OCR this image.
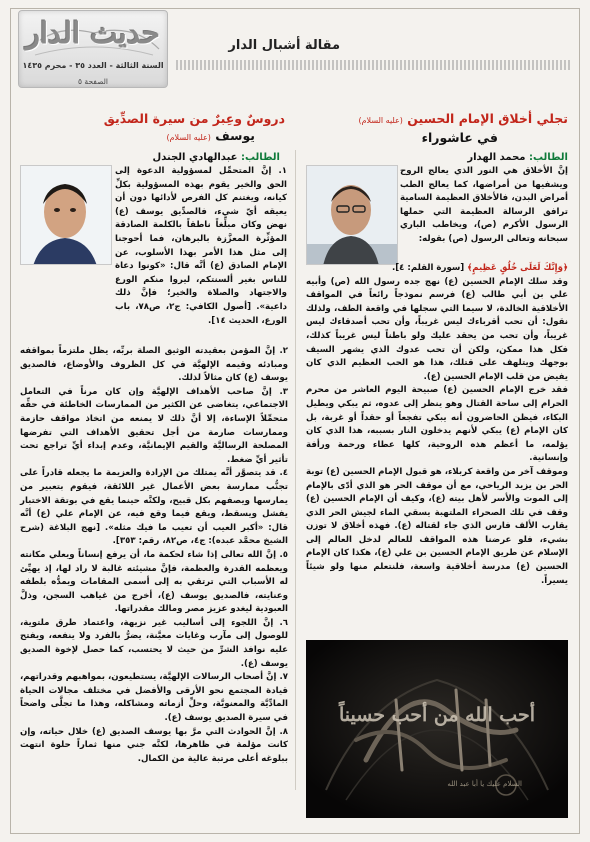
حديث الدار
السنة الثالثة - العدد ٣٥ - محرم ١٤٣٥
الصفحة ٥
مقالة أشبال الدار
تجلي أخلاق الإمام الحسين (عليه السلام)
في عاشوراء
دروسٌ وعِبرٌ من سيرة الصدِّيق
يوسف (عليه السلام)
الطالب: محمد الهدار
الطالب: عبدالهادي الجندل

إنَّ الأخلاق هي النور الذي يعالج الروح ويشفيها من أمراضها، كما يعالج الطب أمراض البدن، فالأخلاق العظيمة السامية ترافق الرسالة العظيمة التي حملها الرسول الأكرم (ص)، ويخاطب الباري سبحانه وتعالى الرسول (ص) بقوله:

﴿وَإِنَّكَ لَعَلَى خُلُقٍ عَظِيمٍ﴾ [سورة القلم: ٤].

وقد سلك الإمام الحسين (ع) نهج جده رسول الله (ص) وأبيه علي بن أبي طالب (ع) فرسم نموذجاً رائعاً في المواقف الأخلاقية الخالدة، لا سيما التي سجلها في واقعة الطف، ولذلك نقول: أن تحب أقرباءك ليس غريباً، وأن تحب أصدقاءك ليس غريباً، وأن تحب من يحقد عليك ولو باطناً ليس غريباً كذلك، فكل هذا ممكن، ولكن أن تحب عدوك الذي يشهر السيف بوجهك ويتلهف على قتلك، هذا هو الحب العظيم الذي كان يفيض من قلب الإمام الحسين (ع).

فقد خرج الإمام الحسين (ع) صبيحة اليوم العاشر من محرم الحرام إلى ساحة القتال وهو ينظر إلى عدوه، ثم يبكي ويطيل البكاء، فيظن الحاضرون أنه يبكي تفجعاً أو حقداً أو غربة، بل كان الإمام (ع) يبكي لأنهم يدخلون النار بسببه، هذا الذي كان يؤلمه، ما أعظم هذه الروحية، كلها عطاء ورحمة ورأفة وإنسانية.

وموقف آخر من واقعة كربلاء، هو قبول الإمام الحسين (ع) توبة الحر بن يزيد الرياحي، مع أن موقف الحر هو الذي أدّى بالإمام إلى الموت والأسر لأهل بيته (ع)، وكيف أن الإمام الحسين (ع) وقف في تلك الصحراء الملتهبة يسقي الماء لجيش الحر الذي يقارب الألف فارس الذي جاء لقتاله (ع). فهذه أخلاق لا توزن بشيء، فلو عرضنا هذه المواقف للعالم لدخل العالم إلى الإسلام عن طريق الإمام الحسين بن علي (ع)، هكذا كان الإمام الحسين (ع) مدرسة أخلاقية واسعة، فلنتعلم منها ولو شيئاً يسيراً.

١. إنَّ المتحمِّل لمسؤولية الدعوة إلى الحق والخير يقوم بهذه المسؤولية بكلِّ كيانه، ويغتنم كل الفرص لأدائها دون أن يعيقه أيّ شيء، فالصدِّيق يوسف (ع) نهض وكان مبلِّغاً ناطقاً بالكلمة الصادقة المؤثِّرة المعزَّزة بالبرهان، فما أحوجنا إلى مثل هذا الأمر بهذا الأسلوب، عن الإمام الصادق (ع) أنَّه قال: «كونوا دعاة للناس بغير ألسنتكم، ليروا منكم الورع والاجتهاد والصلاة والخير؛ فإنَّ ذلك داعية». [أصول الكافي: ج٢، ص٧٨، باب الورع، الحديث ١٤].

٢. إنَّ المؤمن بعقيدته الوثيق الصلة بربِّه، يظل ملتزماً بمواقفه ومبادئه وقيمه الإلهيَّة في كل الظروف والأوضاع، فالصديق يوسف (ع) كان مثالاً لذلك.

٣. إنَّ صاحب الأهداف الإلهيَّة وإن كان مرناً في التعامل الاجتماعي، يتغاضى عن الكثير من الممارسات الخاطئة في حقِّه متحمِّلاً الإساءة، إلا أنَّ ذلك لا يمنعه من اتخاذ مواقف حازمة وممارسات صارمة من أجل تحقيق الأهداف التي تفرضها المصلحة الرساليَّة والقيم الإيمانيَّة، وعدم إبداء أيِّ تراجع تحت تأثير أيِّ ضغط.

٤. قد يتصوَّر أنَّه يمتلك من الإرادة والعزيمة ما يجعله قادراً على تجنُّب ممارسة بعض الأعمال غير اللائقة، فيقوم بتعبير من يمارسها ويصفهم بكل قبيح، ولكنَّه حينما يقع في بوتقة الاختبار يفشل ويسقط، ويقع فيما وقع فيه، عن الإمام علي (ع) أنَّه قال: «أكبر العيب أن تعيب ما فيك مثله». [نهج البلاغة (شرح الشيخ محمَّد عبده): ج٤، ص٨٢، رقم: ٣٥٣].

٥. إنَّ الله تعالى إذا شاء لحكمة ما، أن يرفع إنساناً ويعلي مكانته ويعظمه القدرة والعظمة، فإنَّ مشيئته غالبة لا راد لها، إذ يهيِّئ له الأسباب التي ترتقي به إلى أسمى المقامات ويمدُّه بلطفه وعنايته، فالصديق يوسف (ع)، أخرج من غياهب السجن، وذلَّ العبودية ليغدو عزيز مصر ومالك مقدراتها.

٦. إنَّ اللجوء إلى أساليب غير نزيهة، واعتماد طرق ملتوية، للوصول إلى مآرب وغايات معيَّنة، يضرُّ بالفرد ولا ينفعه، ويفتح عليه نوافذ الشرِّ من حيث لا يحتسب، كما حصل لإخوة الصديق يوسف (ع).

٧. إنَّ أصحاب الرسالات الإلهيَّة، يستطيعون، بمواهبهم وقدراتهم، قيادة المجتمع نحو الأرقى والأفضل في مختلف مجالات الحياة المادِّيَّة والمعنويَّة، وحلِّ أزماته ومشاكله، وهذا ما تجلَّى واضحاً في سيرة الصديق يوسف (ع).

٨. إنَّ الحوادث التي مرَّ بها يوسف الصديق (ع) خلال حياته، وإن كانت مؤلمة في ظاهرها، لكنَّه جني منها ثماراً حلوة انتهت ببلوغه أعلى مرتبة عالية من الكمال.

أحب الله من أحب حسيناً
السلام عليك يا أبا عبد الله
